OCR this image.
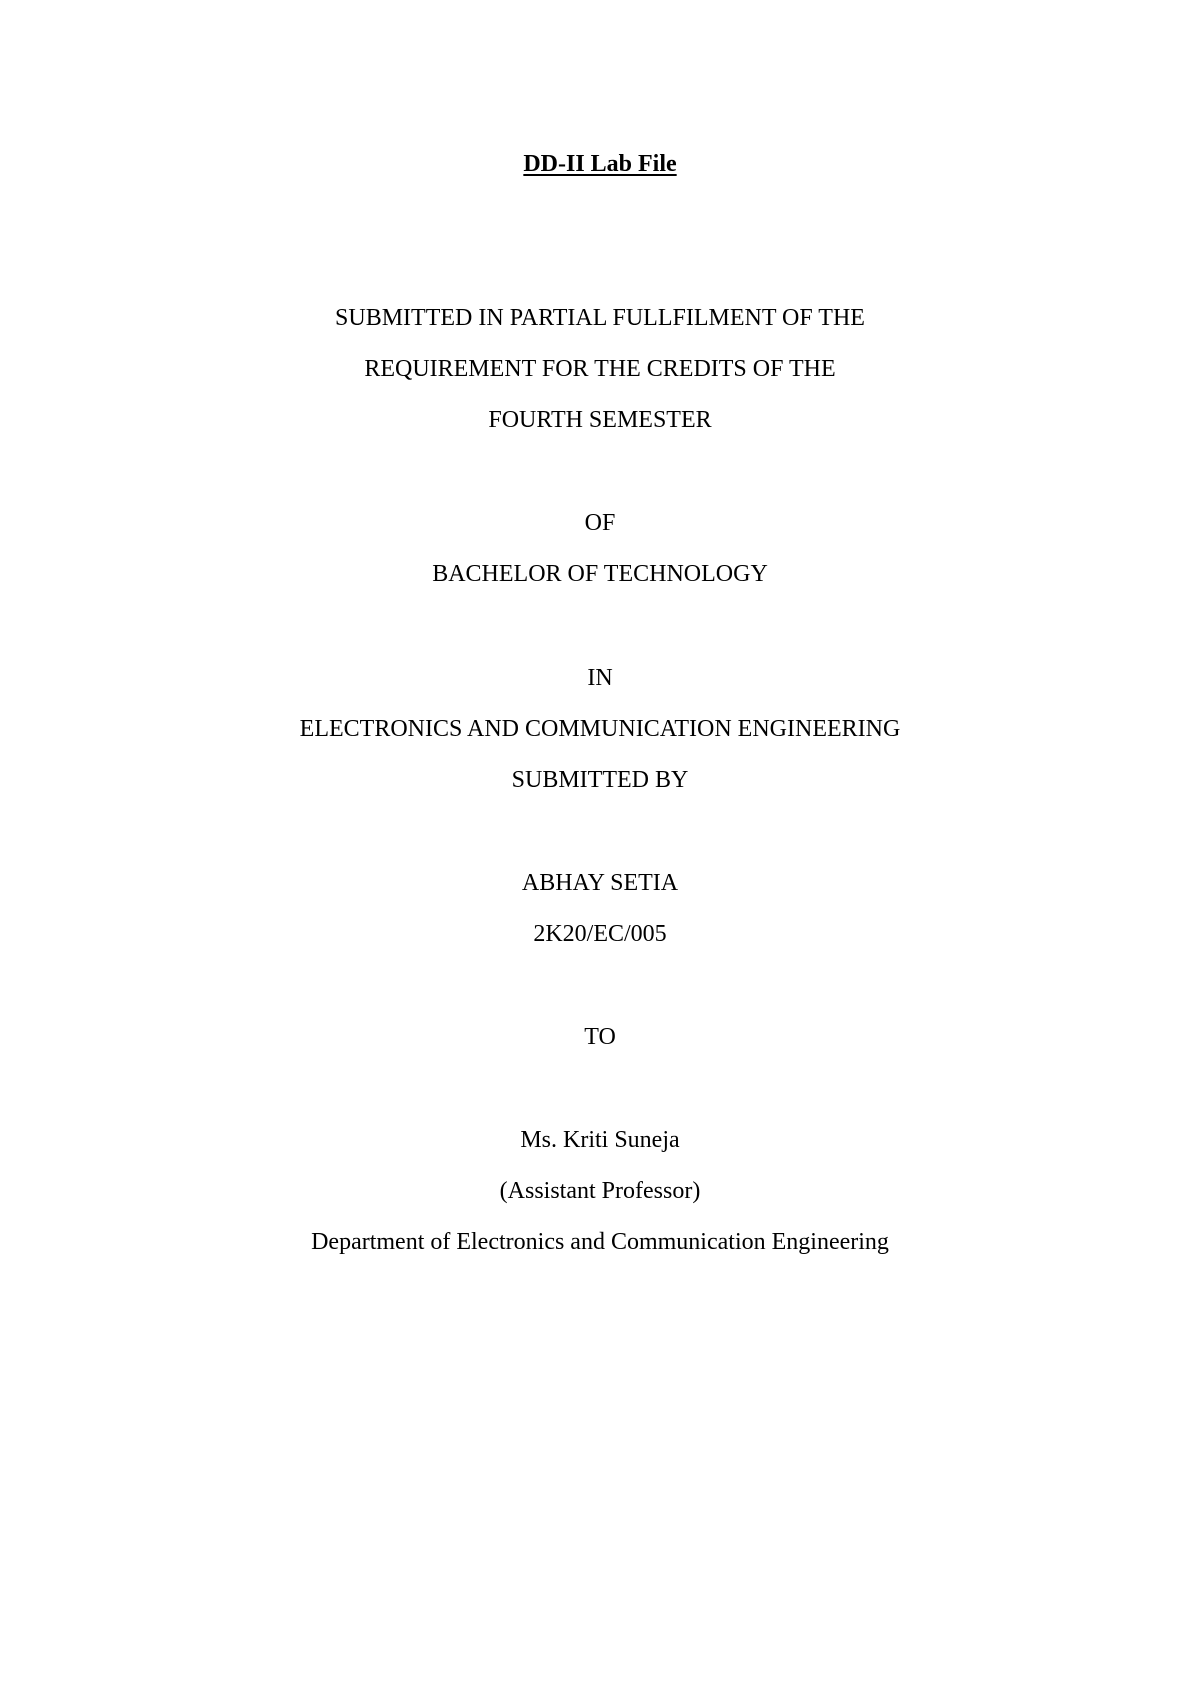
DD-II Lab File
SUBMITTED IN PARTIAL FULLFILMENT OF THE
REQUIREMENT FOR THE CREDITS OF THE
FOURTH SEMESTER
OF
BACHELOR OF TECHNOLOGY
IN
ELECTRONICS AND COMMUNICATION ENGINEERING
SUBMITTED BY
ABHAY SETIA
2K20/EC/005
TO
Ms. Kriti Suneja
(Assistant Professor)
Department of Electronics and Communication Engineering
